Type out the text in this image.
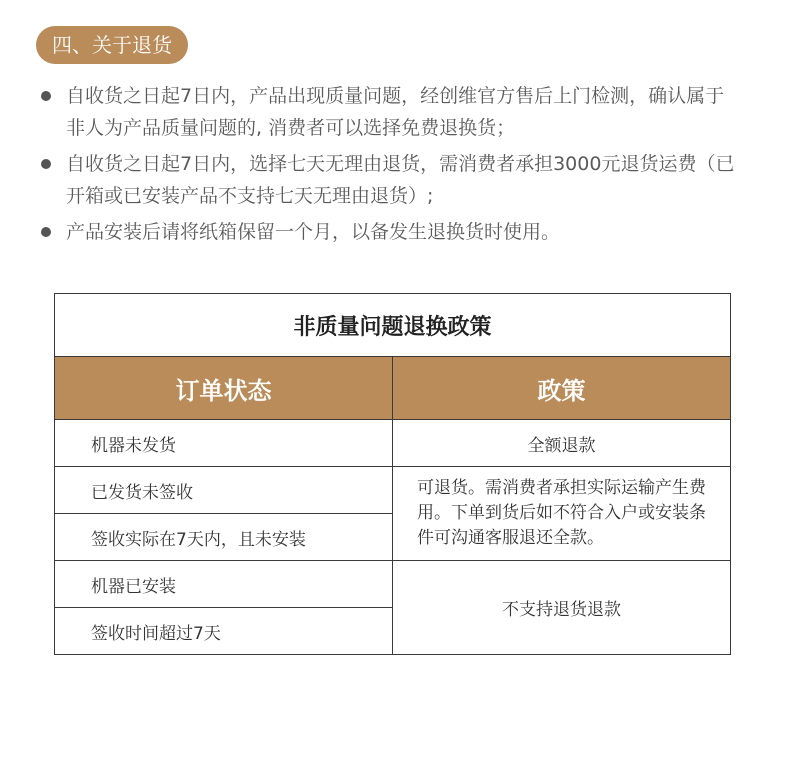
四、关于退货
自收货之日起7日内，产品出现质量问题，经创维官方售后上门检测，确认属于非人为产品质量问题的, 消费者可以选择免费退换货；
自收货之日起7日内，选择七天无理由退货，需消费者承担3000元退货运费（已开箱或已安装产品不支持七天无理由退货）;
产品安装后请将纸箱保留一个月，以备发生退换货时使用。
非质量问题退换政策	
订单状态	政策
机器未发货	全额退款
已发货未签收	可退货。需消费者承担实际运输产生费用。下单到货后如不符合入户或安装条件可沟通客服退还全款。
签收实际在7天内，且未安装	
机器已安装	不支持退货退款
签收时间超过7天	
